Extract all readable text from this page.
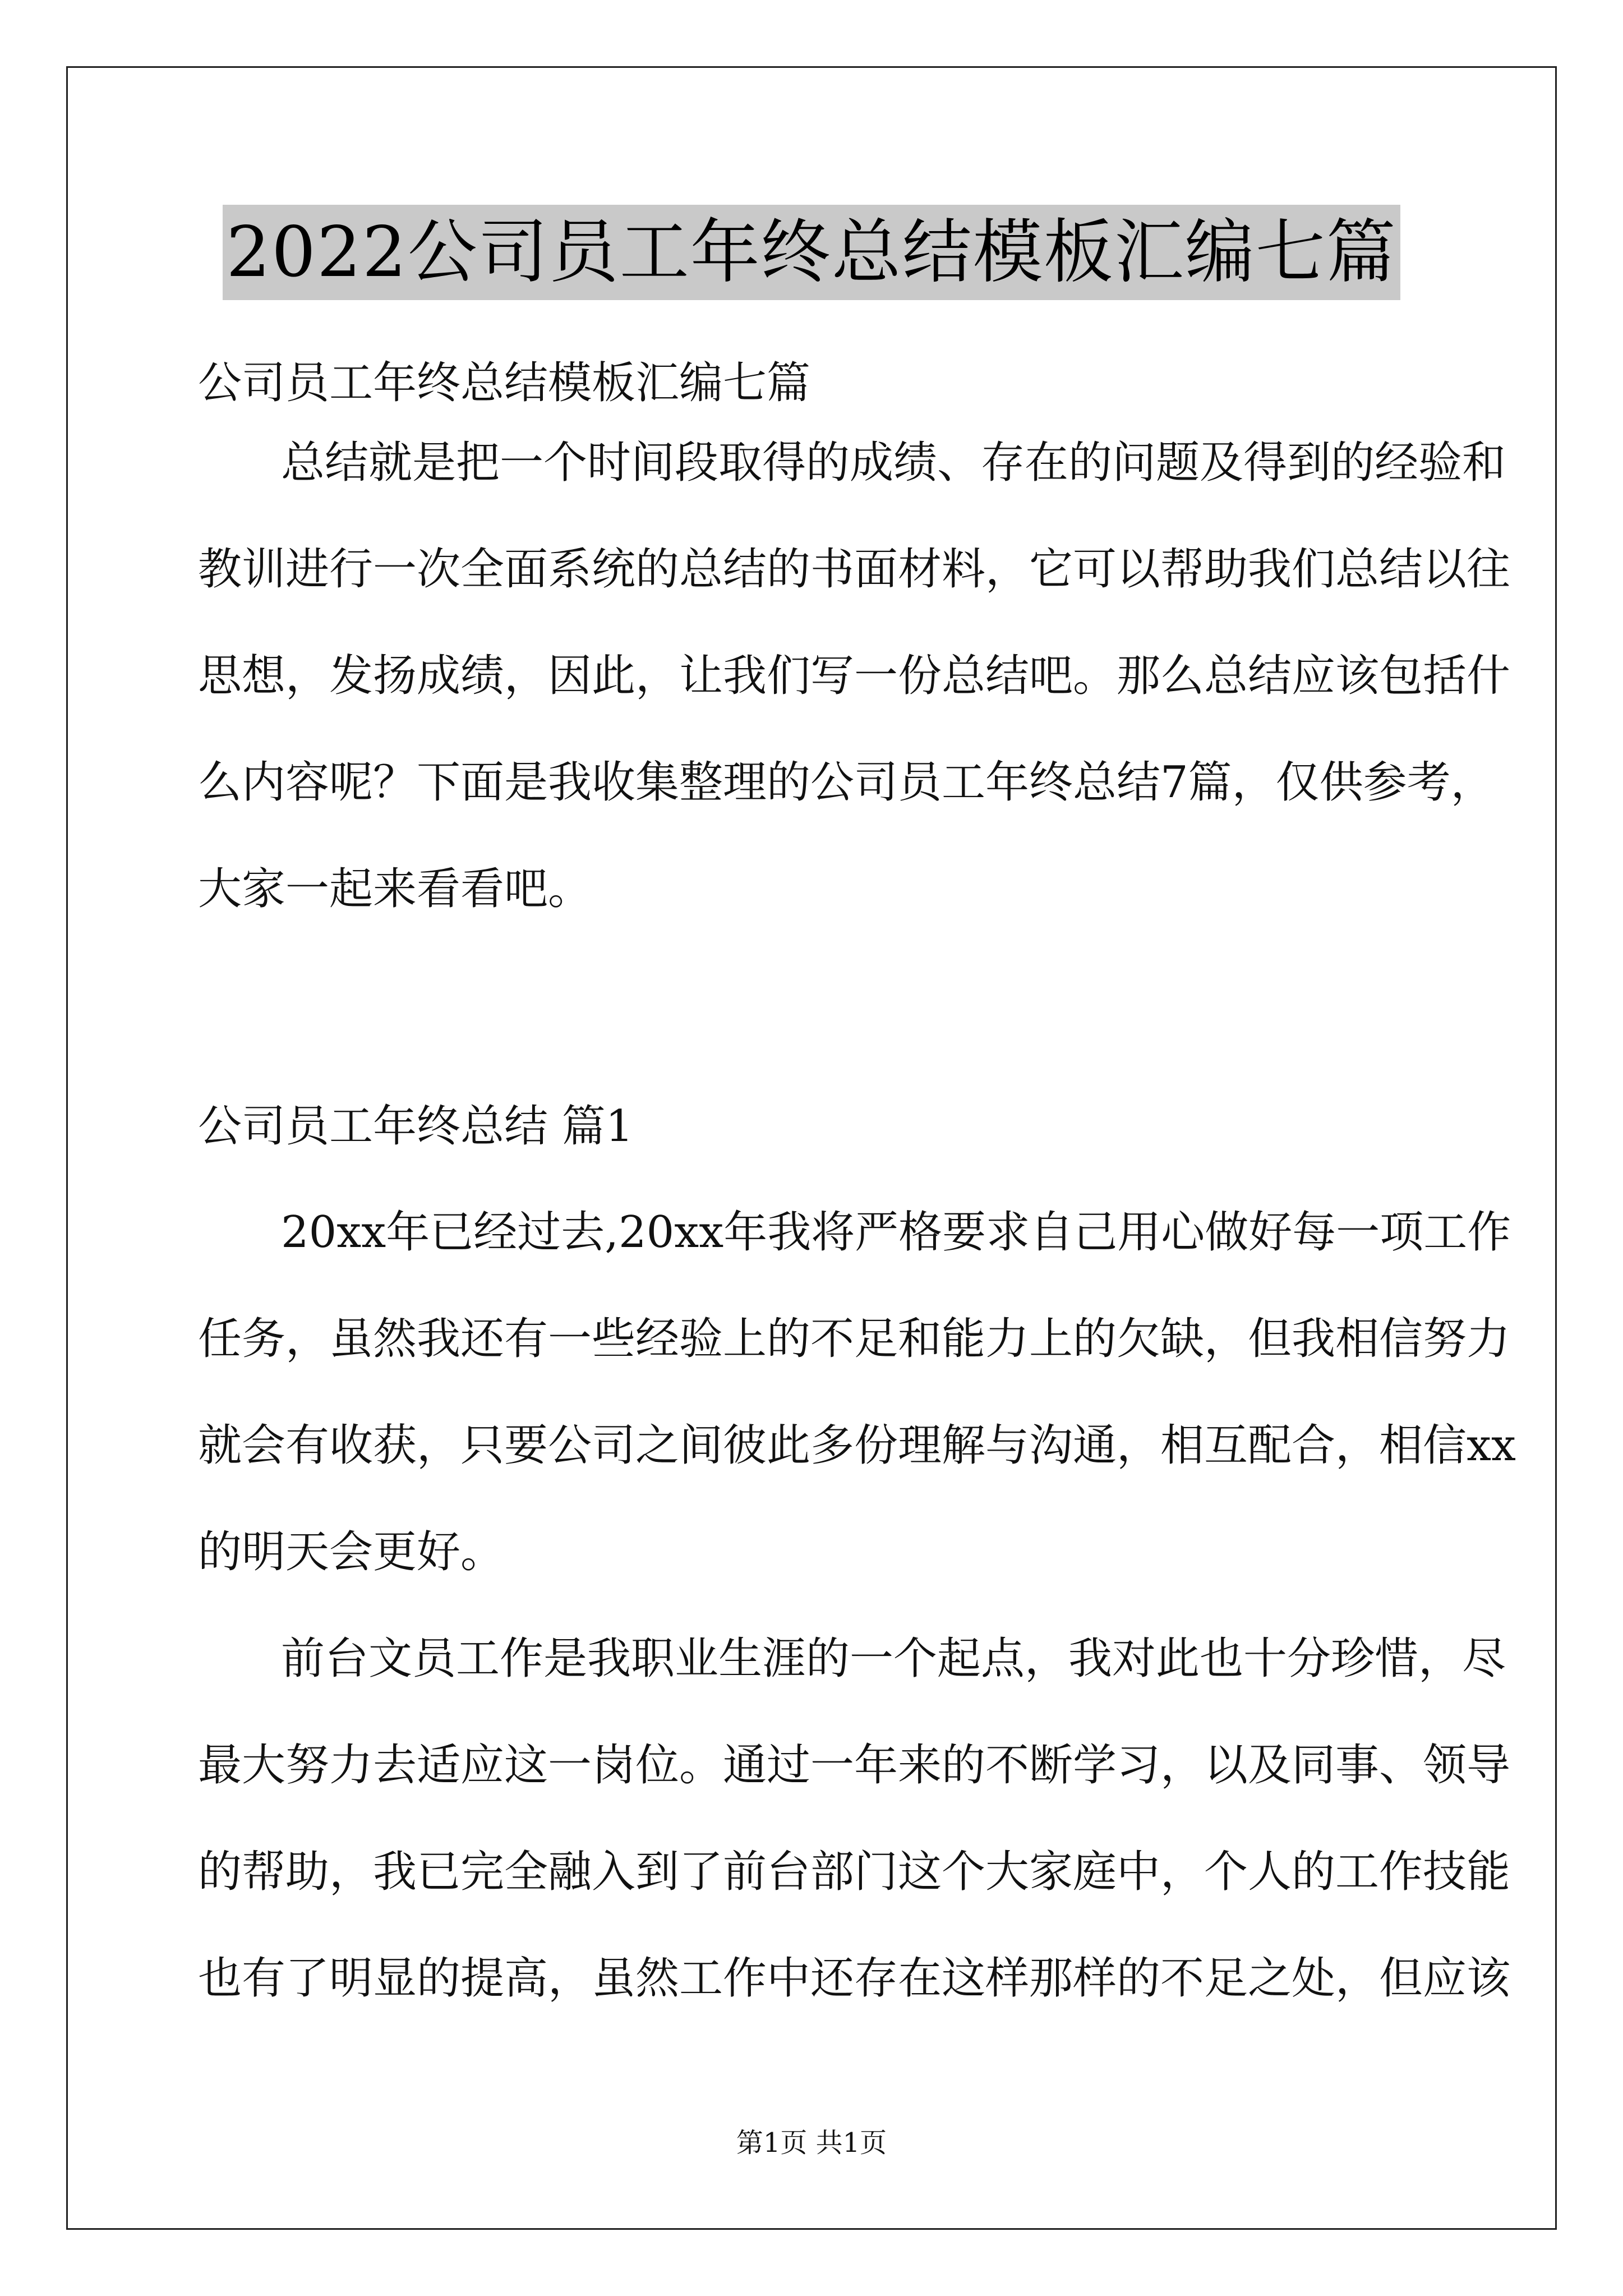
2022公司员工年终总结模板汇编七篇
公司员工年终总结模板汇编七篇
总结就是把一个时间段取得的成绩、存在的问题及得到的经验和
教训进行一次全面系统的总结的书面材料，它可以帮助我们总结以往
思想，发扬成绩，因此，让我们写一份总结吧。那么总结应该包括什
么内容呢？下面是我收集整理的公司员工年终总结7篇，仅供参考，
大家一起来看看吧。
公司员工年终总结 篇1
20xx年已经过去,20xx年我将严格要求自己用心做好每一项工作
任务，虽然我还有一些经验上的不足和能力上的欠缺，但我相信努力
就会有收获，只要公司之间彼此多份理解与沟通，相互配合，相信xx
的明天会更好。
前台文员工作是我职业生涯的一个起点，我对此也十分珍惜，尽
最大努力去适应这一岗位。通过一年来的不断学习，以及同事、领导
的帮助，我已完全融入到了前台部门这个大家庭中，个人的工作技能
也有了明显的提高，虽然工作中还存在这样那样的不足之处，但应该
第1页 共1页
